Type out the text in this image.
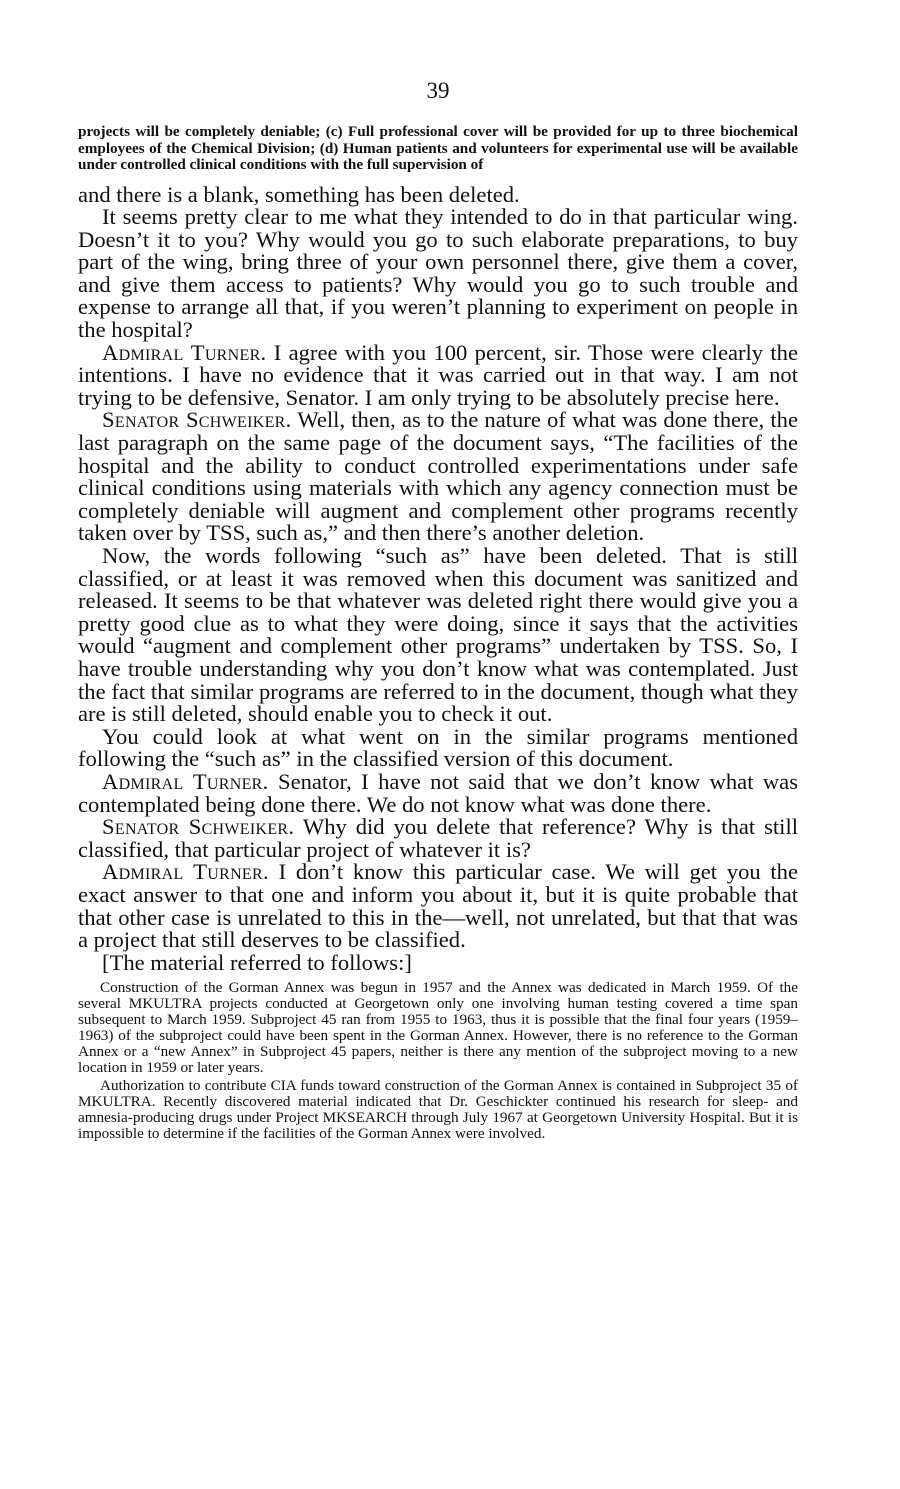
39
projects will be completely deniable; (c) Full professional cover will be provided for up to three biochemical employees of the Chemical Division; (d) Human patients and volunteers for experimental use will be available under controlled clinical conditions with the full supervision of

and there is a blank, something has been deleted.

It seems pretty clear to me what they intended to do in that particular wing. Doesn’t it to you? Why would you go to such elaborate preparations, to buy part of the wing, bring three of your own personnel there, give them a cover, and give them access to patients? Why would you go to such trouble and expense to arrange all that, if you weren’t planning to experiment on people in the hospital?

Admiral Turner. I agree with you 100 percent, sir. Those were clearly the intentions. I have no evidence that it was carried out in that way. I am not trying to be defensive, Senator. I am only trying to be absolutely precise here.

Senator Schweiker. Well, then, as to the nature of what was done there, the last paragraph on the same page of the document says, “The facilities of the hospital and the ability to conduct controlled experimentations under safe clinical conditions using materials with which any agency connection must be completely deniable will augment and complement other programs recently taken over by TSS, such as,” and then there’s another deletion.

Now, the words following “such as” have been deleted. That is still classified, or at least it was removed when this document was sanitized and released. It seems to be that whatever was deleted right there would give you a pretty good clue as to what they were doing, since it says that the activities would “augment and complement other programs” undertaken by TSS. So, I have trouble understanding why you don’t know what was contemplated. Just the fact that similar programs are referred to in the document, though what they are is still deleted, should enable you to check it out.

You could look at what went on in the similar programs mentioned following the “such as” in the classified version of this document.

Admiral Turner. Senator, I have not said that we don’t know what was contemplated being done there. We do not know what was done there.

Senator Schweiker. Why did you delete that reference? Why is that still classified, that particular project of whatever it is?

Admiral Turner. I don’t know this particular case. We will get you the exact answer to that one and inform you about it, but it is quite probable that that other case is unrelated to this in the—well, not unrelated, but that that was a project that still deserves to be classified.

[The material referred to follows:]

Construction of the Gorman Annex was begun in 1957 and the Annex was dedicated in March 1959. Of the several MKULTRA projects conducted at Georgetown only one involving human testing covered a time span subsequent to March 1959. Subproject 45 ran from 1955 to 1963, thus it is possible that the final four years (1959–1963) of the subproject could have been spent in the Gorman Annex. However, there is no reference to the Gorman Annex or a “new Annex” in Subproject 45 papers, neither is there any mention of the subproject moving to a new location in 1959 or later years.

Authorization to contribute CIA funds toward construction of the Gorman Annex is contained in Subproject 35 of MKULTRA. Recently discovered material indicated that Dr. Geschickter continued his research for sleep- and amnesia-producing drugs under Project MKSEARCH through July 1967 at Georgetown University Hospital. But it is impossible to determine if the facilities of the Gorman Annex were involved.
